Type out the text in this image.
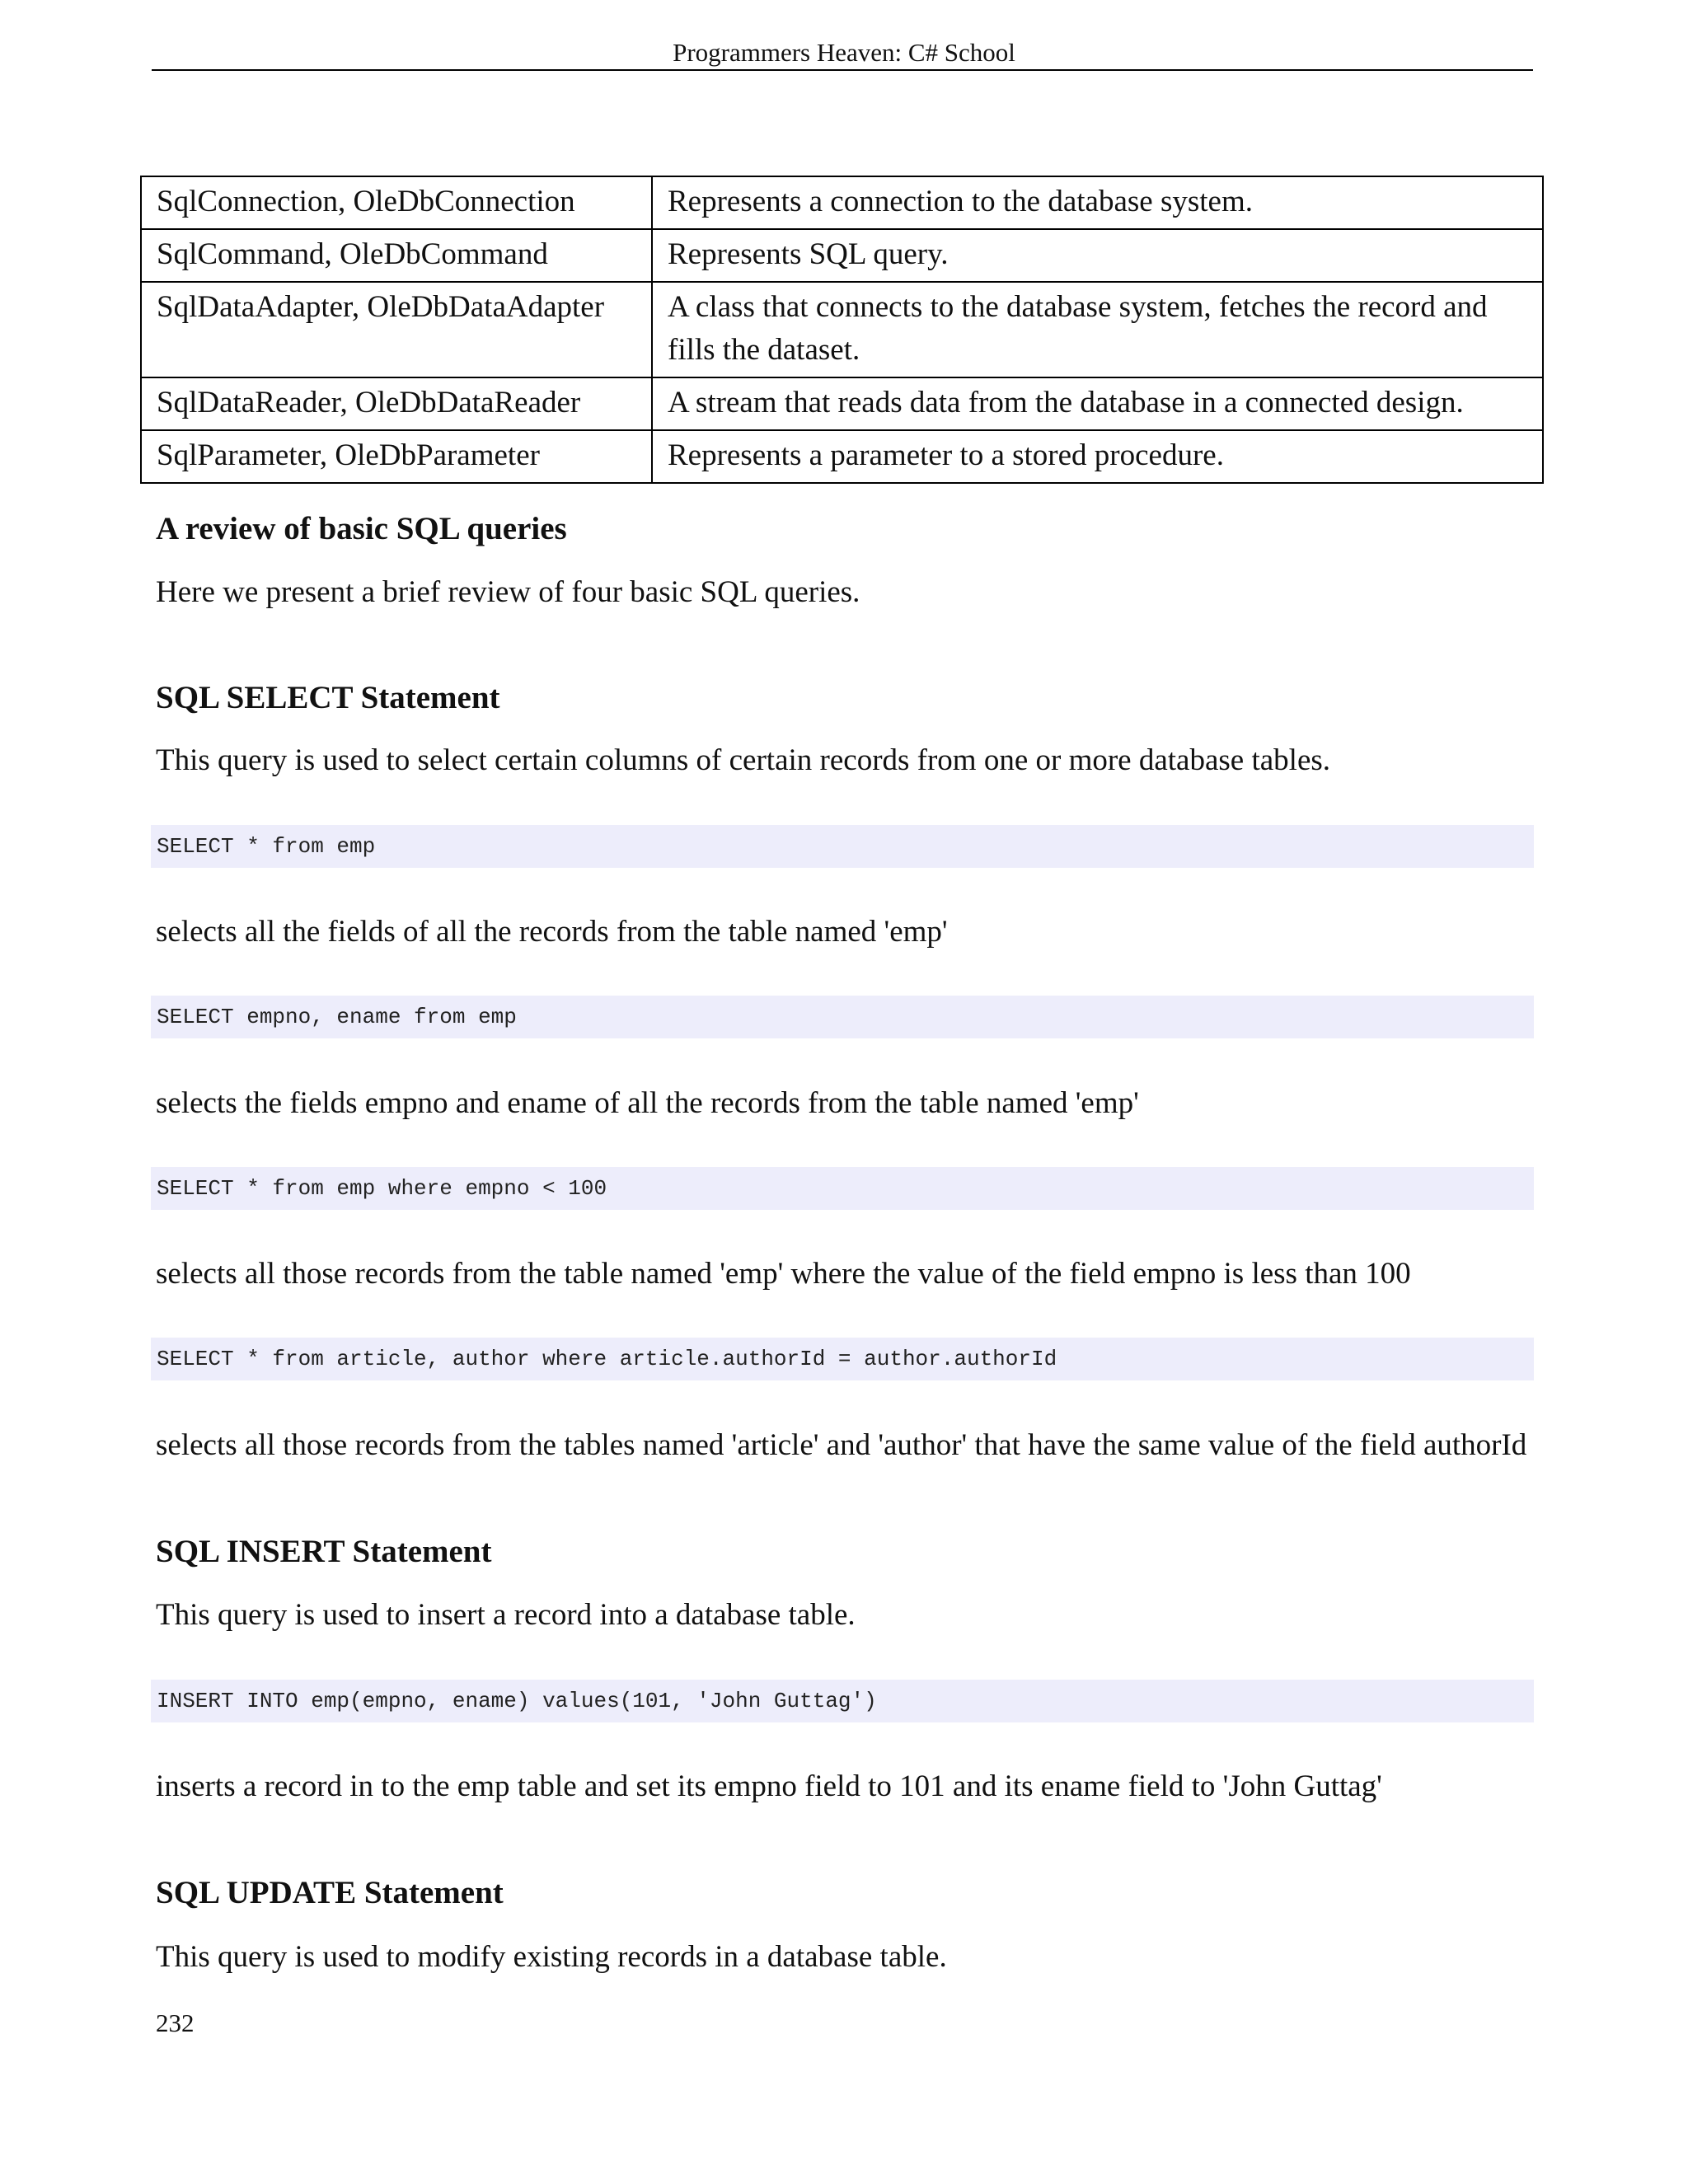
Programmers Heaven: C# School
SqlConnection, OleDbConnection	Represents a connection to the database system.
SqlCommand, OleDbCommand	Represents SQL query.
SqlDataAdapter, OleDbDataAdapter	A class that connects to the database system, fetches the record and fills the dataset.
SqlDataReader, OleDbDataReader	A stream that reads data from the database in a connected design.
SqlParameter, OleDbParameter	Represents a parameter to a stored procedure.
A review of basic SQL queries

Here we present a brief review of four basic SQL queries.

SQL SELECT Statement

This query is used to select certain columns of certain records from one or more database tables.

SELECT * from emp

selects all the fields of all the records from the table named 'emp'

SELECT empno, ename from emp

selects the fields empno and ename of all the records from the table named 'emp'

SELECT * from emp where empno < 100

selects all those records from the table named 'emp' where the value of the field empno is less than 100

SELECT * from article, author where article.authorId = author.authorId

selects all those records from the tables named 'article' and 'author' that have the same value of the field authorId

SQL INSERT Statement

This query is used to insert a record into a database table.

INSERT INTO emp(empno, ename) values(101, 'John Guttag')

inserts a record in to the emp table and set its empno field to 101 and its ename field to 'John Guttag'

SQL UPDATE Statement

This query is used to modify existing records in a database table.

232
